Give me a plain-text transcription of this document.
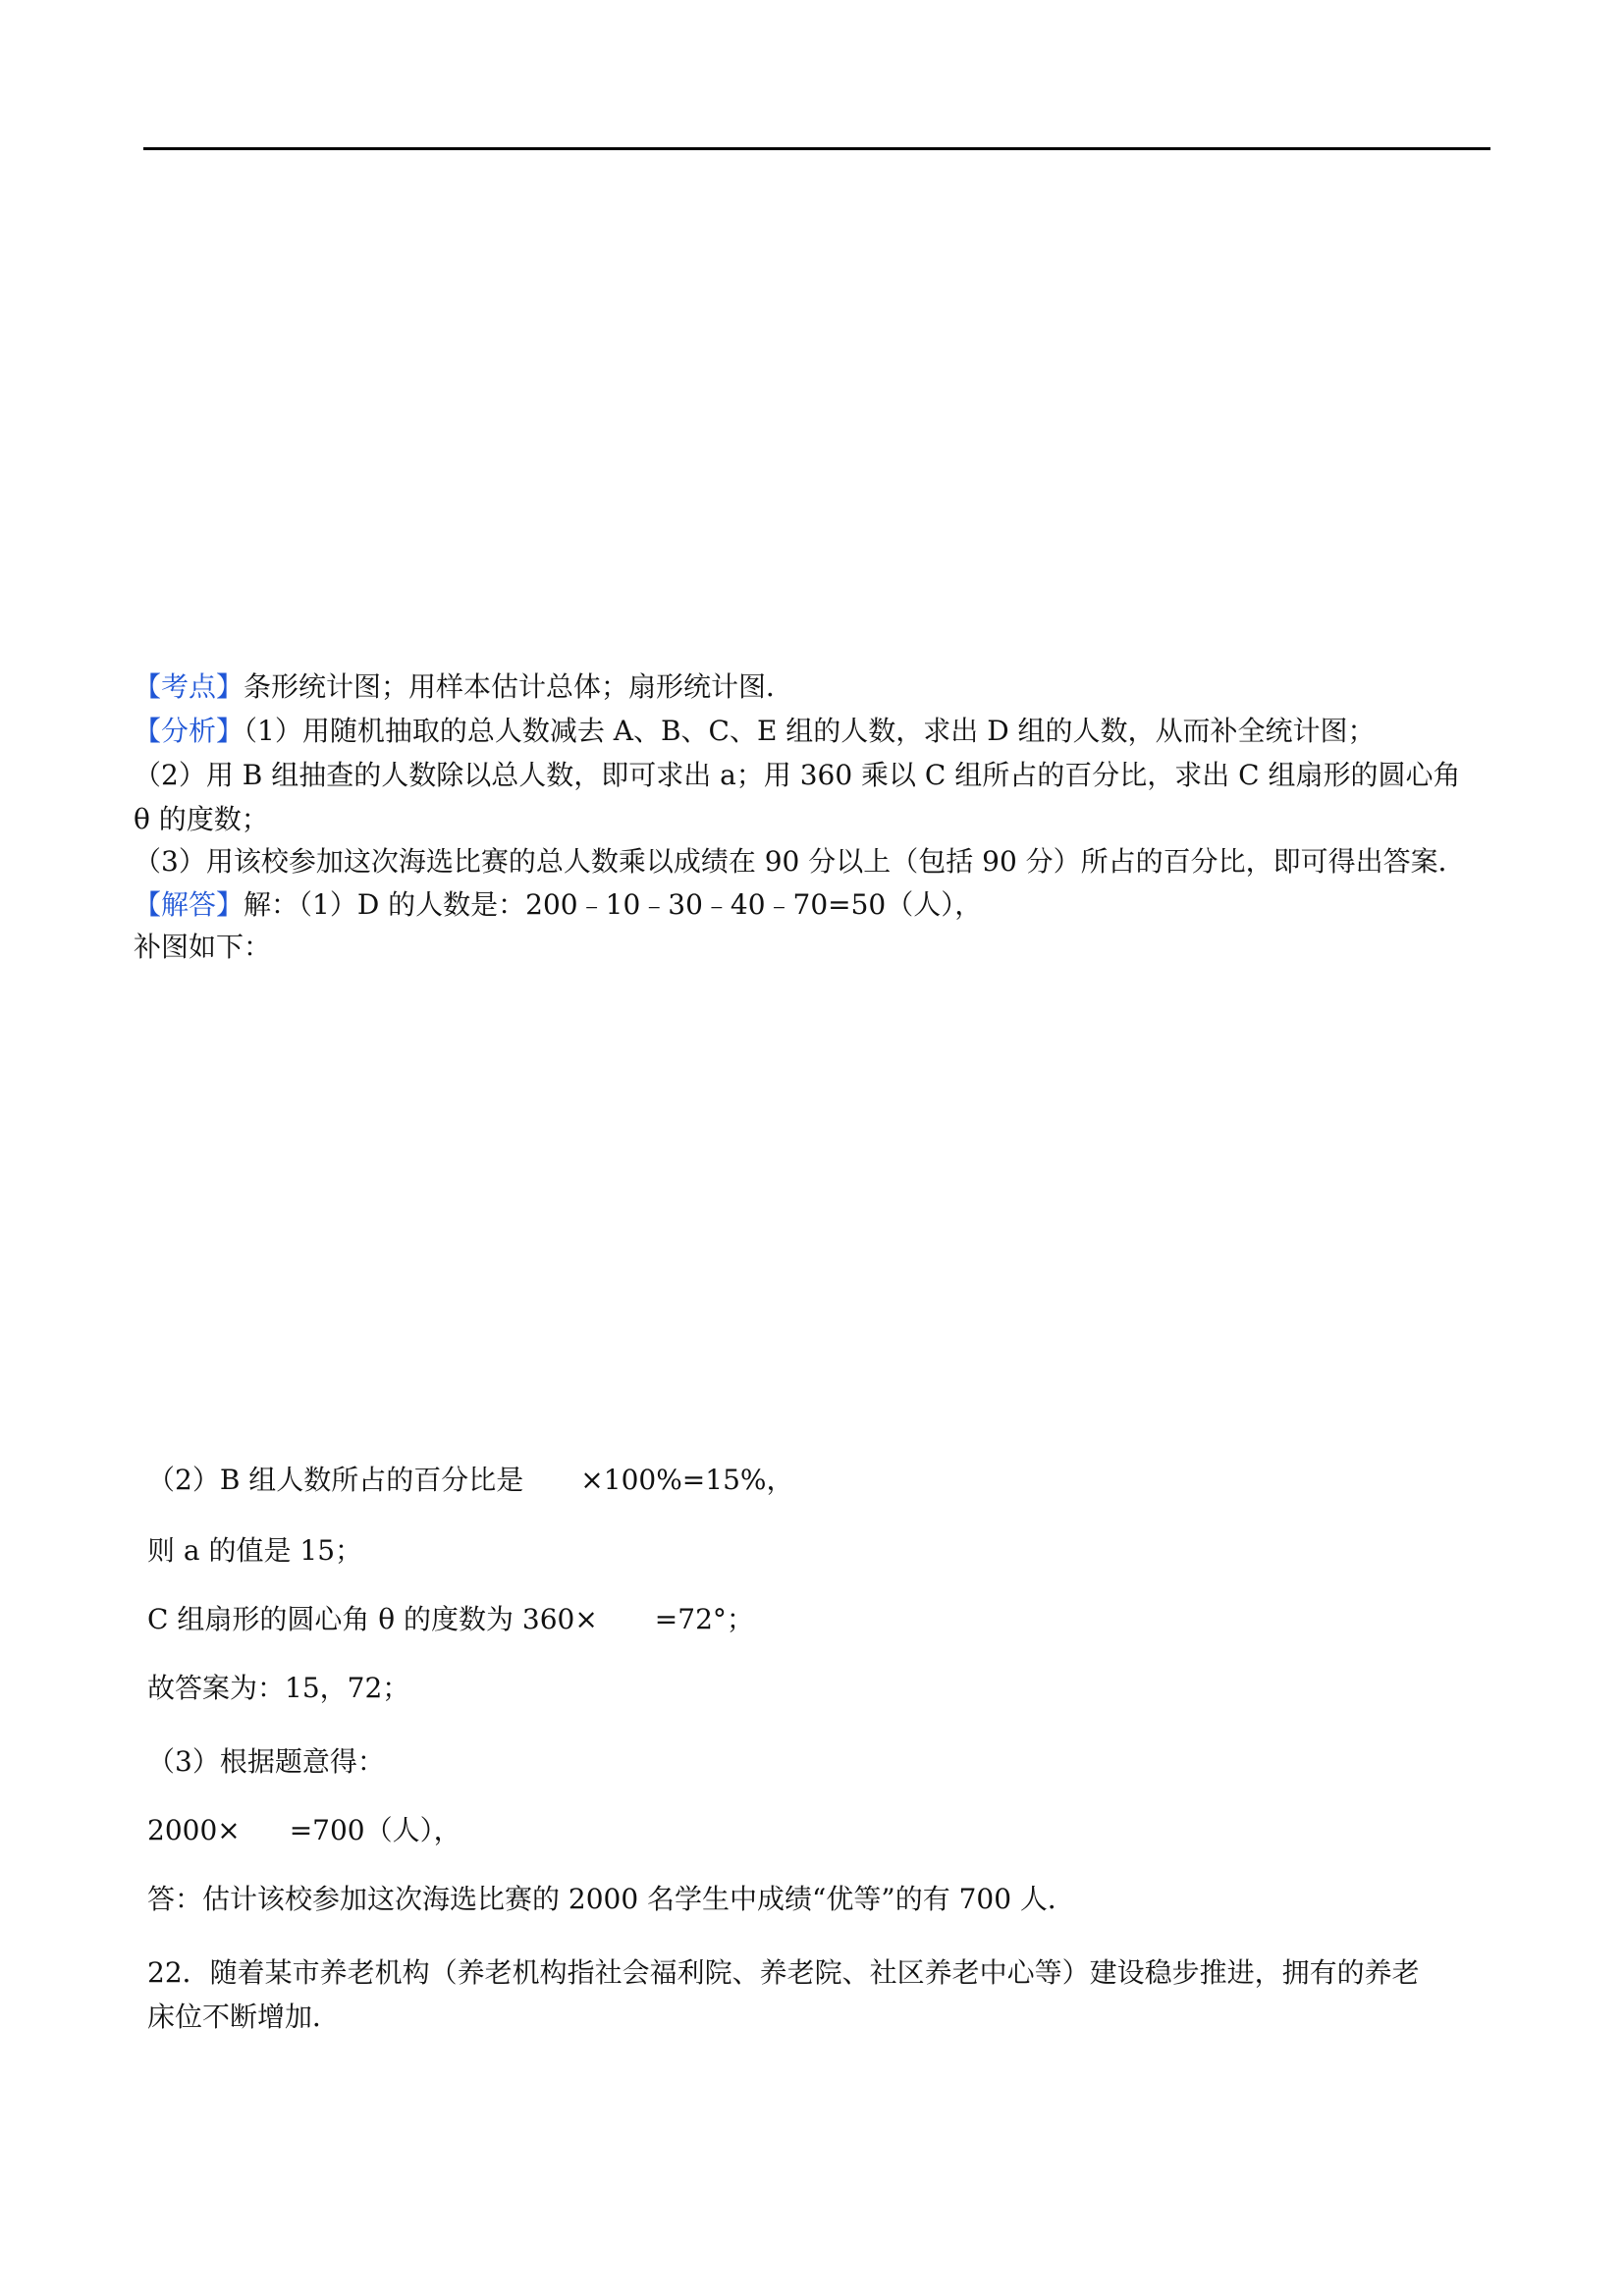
【考点】条形统计图；用样本估计总体；扇形统计图．
【分析】（1）用随机抽取的总人数减去 A、B、C、E 组的人数，求出 D 组的人数，从而补全统计图；
（2）用 B 组抽查的人数除以总人数，即可求出 a；用 360 乘以 C 组所占的百分比，求出 C 组扇形的圆心角
θ 的度数；
（3）用该校参加这次海选比赛的总人数乘以成绩在 90 分以上（包括 90 分）所占的百分比，即可得出答案．
【解答】解：（1）D 的人数是：200﹣10﹣30﹣40﹣70=50（人），
补图如下：
（2）B 组人数所占的百分比是 ×100%=15%，
则 a 的值是 15；
C 组扇形的圆心角 θ 的度数为 360× =72°；
故答案为：15，72；
（3）根据题意得：
2000× =700（人），
答：估计该校参加这次海选比赛的 2000 名学生中成绩“优等”的有 700 人．
22．随着某市养老机构（养老机构指社会福利院、养老院、社区养老中心等）建设稳步推进，拥有的养老
床位不断增加．
